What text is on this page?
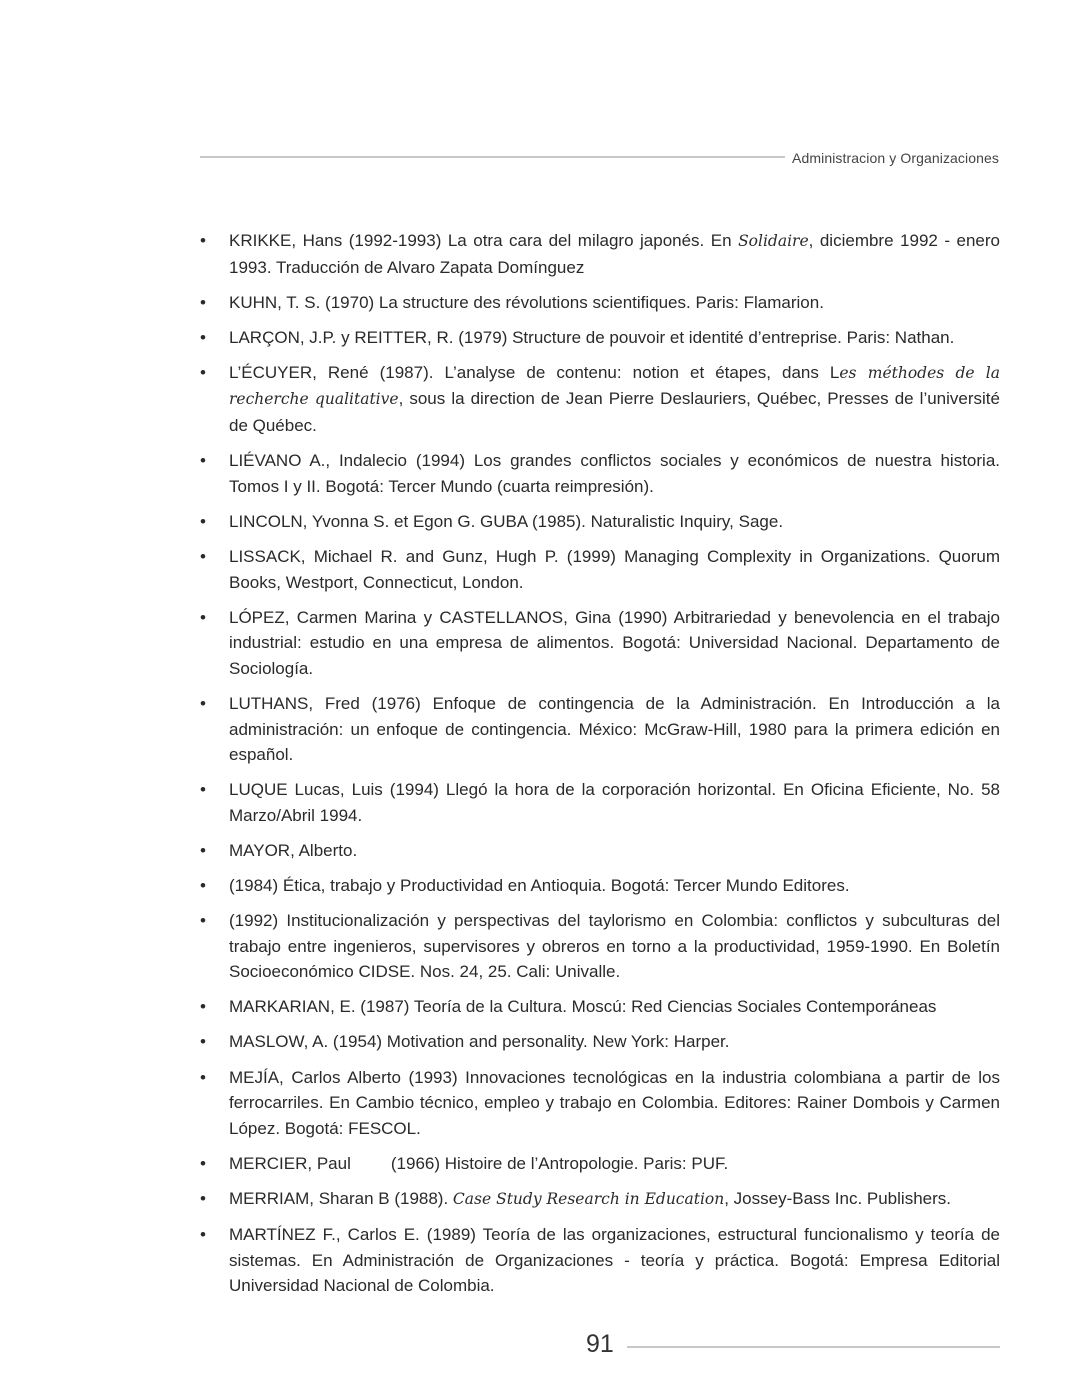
Administracion y Organizaciones
• KRIKKE, Hans (1992-1993) La otra cara del milagro japonés. En Solidaire, diciembre 1992 - enero 1993. Traducción de Alvaro Zapata Domínguez
• KUHN, T. S. (1970) La structure des révolutions scientifiques. Paris: Flamarion.
• LARÇON, J.P. y REITTER, R. (1979) Structure de pouvoir et identité d’entreprise. Paris: Nathan.
• L’ÉCUYER, René (1987). L’analyse de contenu: notion et étapes, dans Les méthodes de la recherche qualitative, sous la direction de Jean Pierre Deslauriers, Québec, Presses de l’université de Québec.
• LIÉVANO A., Indalecio (1994) Los grandes conflictos sociales y económicos de nuestra historia. Tomos I y II. Bogotá: Tercer Mundo (cuarta reimpresión).
• LINCOLN, Yvonna S. et Egon G. GUBA (1985). Naturalistic Inquiry, Sage.
• LISSACK, Michael R. and Gunz, Hugh P. (1999) Managing Complexity in Organizations. Quorum Books, Westport, Connecticut, London.
• LÓPEZ, Carmen Marina y CASTELLANOS, Gina (1990) Arbitrariedad y benevolencia en el trabajo industrial: estudio en una empresa de alimentos. Bogotá: Universidad Nacional. Departamento de Sociología.
• LUTHANS, Fred (1976) Enfoque de contingencia de la Administración. En Introducción a la administración: un enfoque de contingencia. México: McGraw-Hill, 1980 para la primera edición en español.
• LUQUE Lucas, Luis (1994) Llegó la hora de la corporación horizontal. En Oficina Eficiente, No. 58 Marzo/Abril 1994.
• MAYOR, Alberto.
• (1984) Ética, trabajo y Productividad en Antioquia. Bogotá: Tercer Mundo Editores.
• (1992) Institucionalización y perspectivas del taylorismo en Colombia: conflictos y subculturas del trabajo entre ingenieros, supervisores y obreros en torno a la productividad, 1959-1990. En Boletín Socioeconómico CIDSE. Nos. 24, 25. Cali: Univalle.
• MARKARIAN, E. (1987) Teoría de la Cultura. Moscú: Red Ciencias Sociales Contemporáneas
• MASLOW, A. (1954) Motivation and personality. New York: Harper.
• MEJÍA, Carlos Alberto (1993) Innovaciones tecnológicas en la industria colombiana a partir de los ferrocarriles. En Cambio técnico, empleo y trabajo en Colombia. Editores: Rainer Dombois y Carmen López. Bogotá: FESCOL.
• MERCIER, Paul (1966) Histoire de l’Antropologie. Paris: PUF.
• MERRIAM, Sharan B (1988). Case Study Research in Education, Jossey-Bass Inc. Publishers.
• MARTÍNEZ F., Carlos E. (1989) Teoría de las organizaciones, estructural funcionalismo y teoría de sistemas. En Administración de Organizaciones - teoría y práctica. Bogotá: Empresa Editorial Universidad Nacional de Colombia.
91
